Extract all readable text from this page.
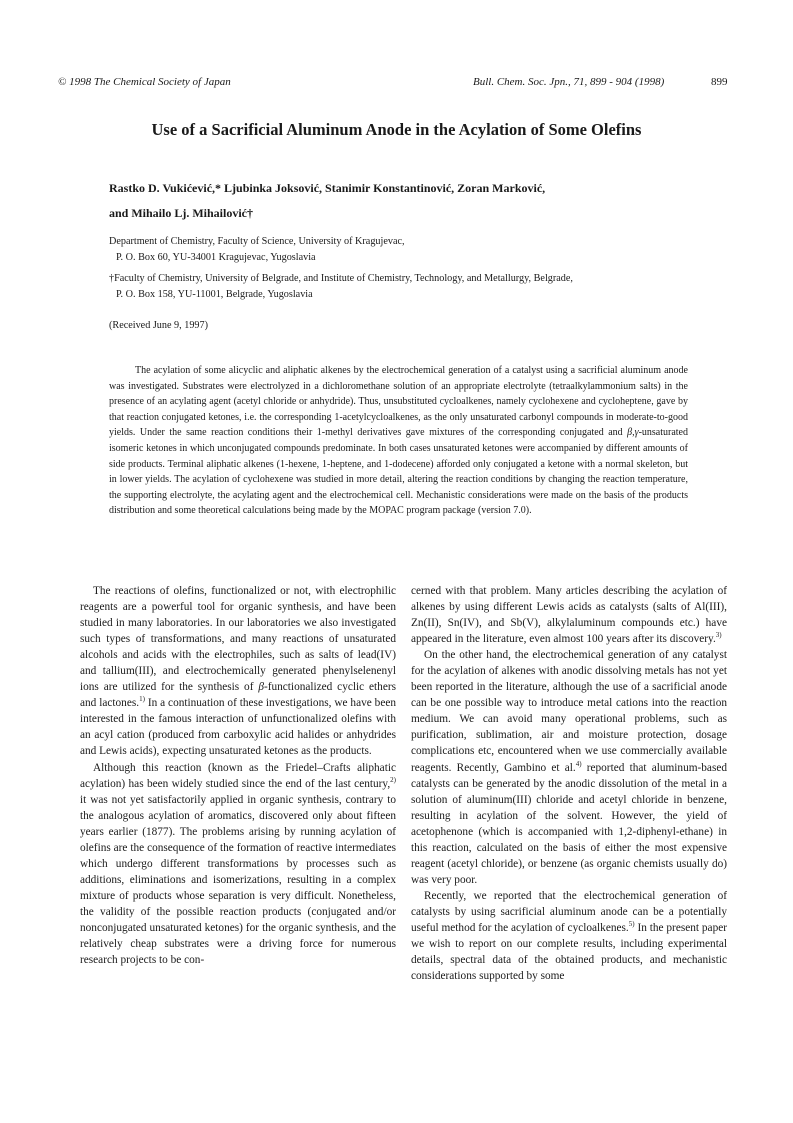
© 1998 The Chemical Society of Japan	Bull. Chem. Soc. Jpn., 71, 899 - 904 (1998)	899
Use of a Sacrificial Aluminum Anode in the Acylation of Some Olefins
Rastko D. Vukićević,* Ljubinka Joksović, Stanimir Konstantinović, Zoran Marković,
and Mihailo Lj. Mihailović†
Department of Chemistry, Faculty of Science, University of Kragujevac,
P. O. Box 60, YU-34001 Kragujevac, Yugoslavia
†Faculty of Chemistry, University of Belgrade, and Institute of Chemistry, Technology, and Metallurgy, Belgrade,
P. O. Box 158, YU-11001, Belgrade, Yugoslavia
(Received June 9, 1997)
The acylation of some alicyclic and aliphatic alkenes by the electrochemical generation of a catalyst using a sacrificial aluminum anode was investigated. Substrates were electrolyzed in a dichloromethane solution of an appropriate electrolyte (tetraalkylammonium salts) in the presence of an acylating agent (acetyl chloride or anhydride). Thus, unsubstituted cycloalkenes, namely cyclohexene and cycloheptene, gave by that reaction conjugated ketones, i.e. the corresponding 1-acetylcycloalkenes, as the only unsaturated carbonyl compounds in moderate-to-good yields. Under the same reaction conditions their 1-methyl derivatives gave mixtures of the corresponding conjugated and β,γ-unsaturated isomeric ketones in which unconjugated compounds predominate. In both cases unsaturated ketones were accompanied by different amounts of side products. Terminal aliphatic alkenes (1-hexene, 1-heptene, and 1-dodecene) afforded only conjugated a ketone with a normal skeleton, but in lower yields. The acylation of cyclohexene was studied in more detail, altering the reaction conditions by changing the reaction temperature, the supporting electrolyte, the acylating agent and the electrochemical cell. Mechanistic considerations were made on the basis of the products distribution and some theoretical calculations being made by the MOPAC program package (version 7.0).

The reactions of olefins, functionalized or not, with electrophilic reagents are a powerful tool for organic synthesis, and have been studied in many laboratories. In our laboratories we also investigated such types of transformations, and many reactions of unsaturated alcohols and acids with the electrophiles, such as salts of lead(IV) and tallium(III), and electrochemically generated phenylselenenyl ions are utilized for the synthesis of β-functionalized cyclic ethers and lactones.$^{1)}$ In a continuation of these investigations, we have been interested in the famous interaction of unfunctionalized olefins with an acyl cation (produced from carboxylic acid halides or anhydrides and Lewis acids), expecting unsaturated ketones as the products.

Although this reaction (known as the Friedel–Crafts aliphatic acylation) has been widely studied since the end of the last century,$^{2)}$ it was not yet satisfactorily applied in organic synthesis, contrary to the analogous acylation of aromatics, discovered only about fifteen years earlier (1877). The problems arising by running acylation of olefins are the consequence of the formation of reactive intermediates which undergo different transformations by processes such as additions, eliminations and isomerizations, resulting in a complex mixture of products whose separation is very difficult. Nonetheless, the validity of the possible reaction products (conjugated and/or nonconjugated unsaturated ketones) for the organic synthesis, and the relatively cheap substrates were a driving force for numerous research projects to be con-

cerned with that problem. Many articles describing the acylation of alkenes by using different Lewis acids as catalysts (salts of Al(III), Zn(II), Sn(IV), and Sb(V), alkylaluminum compounds etc.) have appeared in the literature, even almost 100 years after its discovery.$^{3)}$

On the other hand, the electrochemical generation of any catalyst for the acylation of alkenes with anodic dissolving metals has not yet been reported in the literature, although the use of a sacrificial anode can be one possible way to introduce metal cations into the reaction medium. We can avoid many operational problems, such as purification, sublimation, air and moisture protection, dosage complications etc, encountered when we use commercially available reagents. Recently, Gambino et al.$^{4)}$ reported that aluminum-based catalysts can be generated by the anodic dissolution of the metal in a solution of aluminum(III) chloride and acetyl chloride in benzene, resulting in acylation of the solvent. However, the yield of acetophenone (which is accompanied with 1,2-diphenyl-ethane) in this reaction, calculated on the basis of either the most expensive reagent (acetyl chloride), or benzene (as organic chemists usually do) was very poor.

Recently, we reported that the electrochemical generation of catalysts by using sacrificial aluminum anode can be a potentially useful method for the acylation of cycloalkenes.$^{5)}$ In the present paper we wish to report on our complete results, including experimental details, spectral data of the obtained products, and mechanistic considerations supported by some
